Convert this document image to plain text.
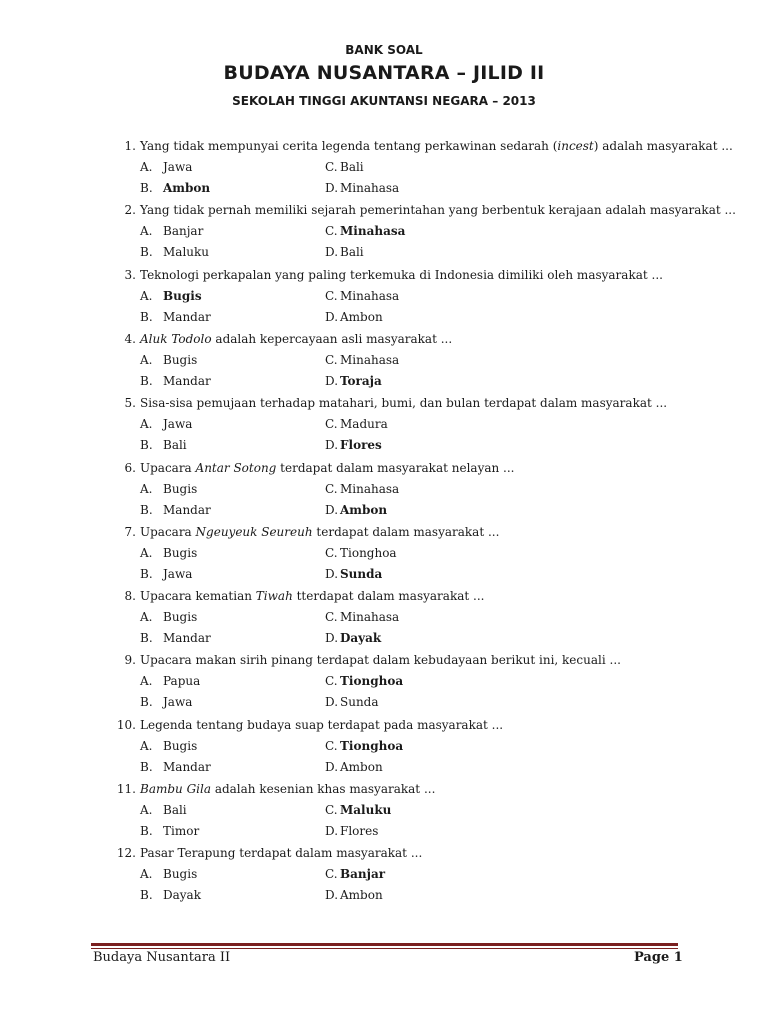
BANK SOAL
BUDAYA NUSANTARA – JILID II
SEKOLAH TINGGI AKUNTANSI NEGARA – 2013
1. Yang tidak mempunyai cerita legenda tentang perkawinan sedarah (incest) adalah masyarakat ...
A. Jawa	C. Bali
B. Ambon	D. Minahasa
2. Yang tidak pernah memiliki sejarah pemerintahan yang berbentuk kerajaan adalah masyarakat ...
A. Banjar	C. Minahasa
B. Maluku	D. Bali
3. Teknologi perkapalan yang paling terkemuka di Indonesia dimiliki oleh masyarakat ...
A. Bugis	C. Minahasa
B. Mandar	D. Ambon
4. Aluk Todolo adalah kepercayaan asli masyarakat ...
A. Bugis	C. Minahasa
B. Mandar	D. Toraja
5. Sisa-sisa pemujaan terhadap matahari, bumi, dan bulan terdapat dalam masyarakat ...
A. Jawa	C. Madura
B. Bali	D. Flores
6. Upacara Antar Sotong terdapat dalam masyarakat nelayan ...
A. Bugis	C. Minahasa
B. Mandar	D. Ambon
7. Upacara Ngeuyeuk Seureuh terdapat dalam masyarakat ...
A. Bugis	C. Tionghoa
B. Jawa	D. Sunda
8. Upacara kematian Tiwah tterdapat dalam masyarakat ...
A. Bugis	C. Minahasa
B. Mandar	D. Dayak
9. Upacara makan sirih pinang terdapat dalam kebudayaan berikut ini, kecuali ...
A. Papua	C. Tionghoa
B. Jawa	D. Sunda
10. Legenda tentang budaya suap terdapat pada masyarakat ...
A. Bugis	C. Tionghoa
B. Mandar	D. Ambon
11. Bambu Gila adalah kesenian khas masyarakat ...
A. Bali	C. Maluku
B. Timor	D. Flores
12. Pasar Terapung terdapat dalam masyarakat ...
A. Bugis	C. Banjar
B. Dayak	D. Ambon
Budaya Nusantara II	Page 1
